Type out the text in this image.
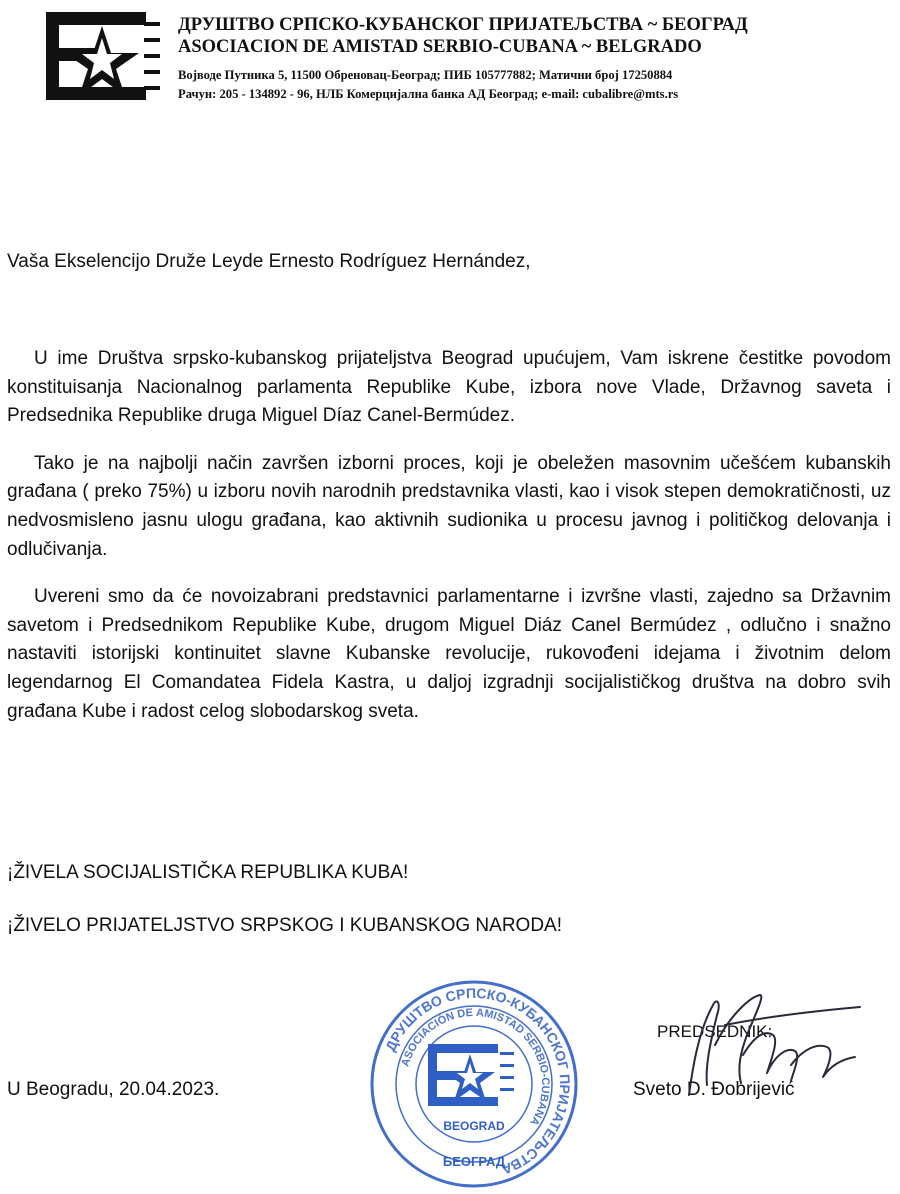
ДРУШТВО СРПСКО-КУБАНСКОГ ПРИЈАТЕЉСТВА ~ БЕОГРАД
ASOCIACION DE AMISTAD SERBIO-CUBANA ~ BELGRADO
Војводе Путника 5, 11500 Обреновац-Београд; ПИБ 105777882; Матични број 17250884
Рачун: 205 - 134892 - 96, НЛБ Комерцијална банка АД Београд; e-mail: cubalibre@mts.rs
Vaša Ekselencijo Druže Leyde Ernesto Rodríguez Hernández,

U ime Društva srpsko-kubanskog prijateljstva Beograd upućujem, Vam iskrene čestitke povodom konstituisanja Nacionalnog parlamenta Republike Kube, izbora nove Vlade, Državnog saveta i Predsednika Republike druga Miguel Díaz Canel-Bermúdez.

Tako je na najbolji način završen izborni proces, koji je obeležen masovnim učešćem kubanskih građana ( preko 75%) u izboru novih narodnih predstavnika vlasti, kao i visok stepen demokratičnosti, uz nedvosmisleno jasnu ulogu građana, kao aktivnih sudionika u procesu javnog i političkog delovanja i odlučivanja.

Uvereni smo da će novoizabrani predstavnici parlamentarne i izvršne vlasti, zajedno sa Državnim savetom i Predsednikom Republike Kube, drugom Miguel Diáz Canel Bermúdez , odlučno i snažno nastaviti istorijski kontinuitet slavne Kubanske revolucije, rukovođeni idejama i životnim delom legendarnog El Comandatea Fidela Kastra, u daljoj izgradnji socijalističkog društva na dobro svih građana Kube i radost celog slobodarskog sveta.

¡ŽIVELA SOCIJALISTIČKA REPUBLIKA KUBA!
¡ŽIVELO PRIJATELJSTVO SRPSKOG I KUBANSKOG NARODA!
U Beogradu, 20.04.2023.
ДРУШТВО СРПСКО-КУБАНСКОГ ПРИЈАТЕЉСТВА
ASOCIACIÓN DE AMISTAD SERBIO-CUBANA
BEOGRAD
БЕОГРАД
PREDSEDNIK:
Sveto D. Đobrijević
